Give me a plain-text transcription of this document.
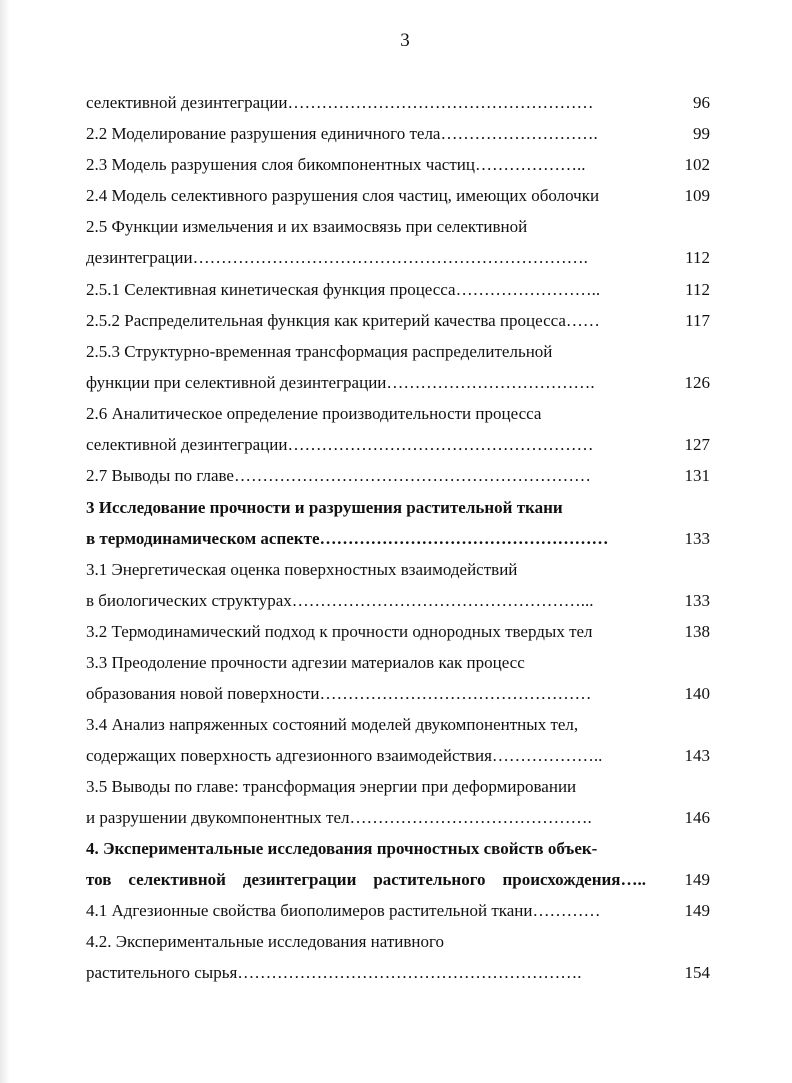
3
селективной дезинтеграции………………………………………………	96
2.2 Моделирование разрушения единичного тела……………………….	99
2.3 Модель разрушения слоя бикомпонентных частиц………………..	102
2.4 Модель селективного разрушения слоя частиц, имеющих оболочки	109
2.5 Функции измельчения и их взаимосвязь при селективной
дезинтеграции…………………………………………………………….	112
2.5.1 Селективная кинетическая функция процесса……………………..	112
2.5.2 Распределительная функция как критерий качества процесса……	117
2.5.3 Структурно-временная трансформация распределительной
функции при селективной дезинтеграции……………………………….	126
2.6 Аналитическое определение производительности процесса
селективной дезинтеграции………………………………………………	127
2.7 Выводы по главе………………………………………………………	131
3 Исследование прочности и разрушения растительной ткани
в термодинамическом аспекте……………………………………………	133
3.1 Энергетическая оценка поверхностных взаимодействий
в биологических структурах……………………………………………...	133
3.2 Термодинамический подход к прочности однородных твердых тел	138
3.3 Преодоление прочности адгезии материалов как процесс
образования новой поверхности…………………………………………	140
3.4 Анализ напряженных состояний моделей двукомпонентных тел,
содержащих поверхность адгезионного взаимодействия………………..	143
3.5 Выводы по главе: трансформация энергии при деформировании
и разрушении двукомпонентных тел…………………………………….	146
4. Экспериментальные исследования прочностных свойств объек-
тов селективной дезинтеграции растительного происхождения…..	149
4.1 Адгезионные свойства биополимеров растительной ткани…………	149
4.2. Экспериментальные исследования нативного
растительного сырья…………………………………………………….	154
